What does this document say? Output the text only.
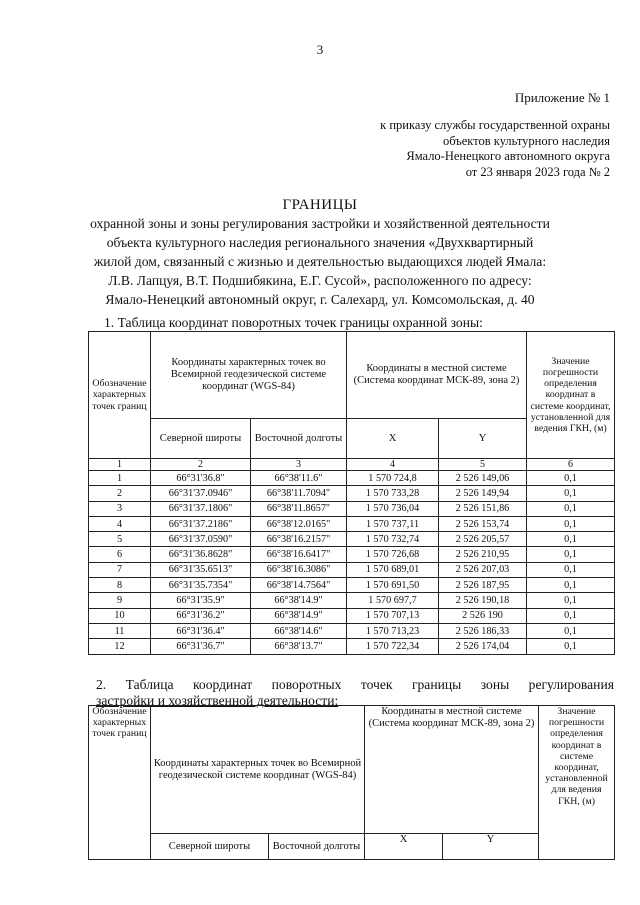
3
Приложение № 1
к приказу службы государственной охраны
объектов культурного наследия
Ямало-Ненецкого автономного округа
от 23 января 2023 года № 2
ГРАНИЦЫ
охранной зоны и зоны регулирования застройки и хозяйственной деятельности
объекта культурного наследия регионального значения «Двухквартирный
жилой дом, связанный с жизнью и деятельностью выдающихся людей Ямала:
Л.В. Лапцуя, В.Т. Подшибякина, Е.Г. Сусой», расположенного по адресу:
Ямало-Ненецкий автономный округ, г. Салехард, ул. Комсомольская, д. 40
1. Таблица координат поворотных точек границы охранной зоны:
Обозначение характерных точек границ	Координаты характерных точек во Всемирной геодезической системе координат (WGS-84)		Координаты в местной системе (Система координат МСК-89, зона 2)		Значение погрешности определения координат в системе координат, установленной для ведения ГКН, (м)
	Северной широты	Восточной долготы	X	Y	
1	2	3	4	5	6
1	66°31'36.8"	66°38'11.6"	1 570 724,8	2 526 149,06	0,1
2	66°31'37.0946"	66°38'11.7094"	1 570 733,28	2 526 149,94	0,1
3	66°31'37.1806"	66°38'11.8657"	1 570 736,04	2 526 151,86	0,1
4	66°31'37.2186"	66°38'12.0165"	1 570 737,11	2 526 153,74	0,1
5	66°31'37.0590"	66°38'16.2157"	1 570 732,74	2 526 205,57	0,1
6	66°31'36.8628"	66°38'16.6417"	1 570 726,68	2 526 210,95	0,1
7	66°31'35.6513"	66°38'16.3086"	1 570 689,01	2 526 207,03	0,1
8	66°31'35.7354"	66°38'14.7564"	1 570 691,50	2 526 187,95	0,1
9	66°31'35.9"	66°38'14.9"	1 570 697,7	2 526 190,18	0,1
10	66°31'36.2"	66°38'14.9"	1 570 707,13	2 526 190	0,1
11	66°31'36.4"	66°38'14.6"	1 570 713,23	2 526 186,33	0,1
12	66°31'36.7"	66°38'13.7"	1 570 722,34	2 526 174,04	0,1
2. Таблица координат поворотных точек границы зоны регулирования
застройки и хозяйственной деятельности:
Обозначение характерных точек границ	Координаты характерных точек во Всемирной геодезической системе координат (WGS-84)		Координаты в местной системе (Система координат МСК-89, зона 2)		Значение погрешности определения координат в системе координат, установленной для ведения ГКН, (м)
	Северной широты	Восточной долготы	X	Y	
